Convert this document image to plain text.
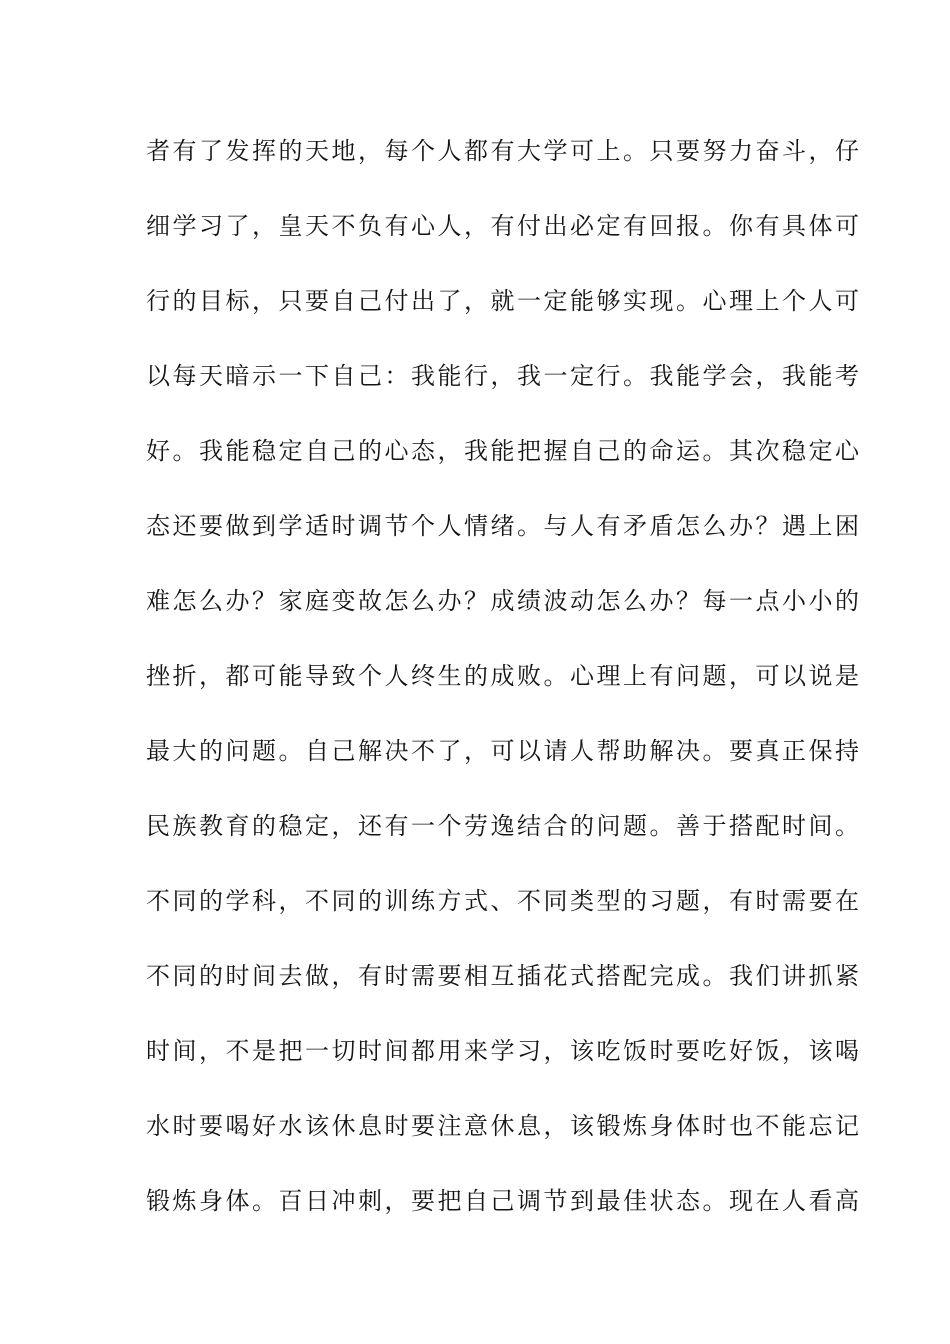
者有了发挥的天地，每个人都有大学可上。只要努力奋斗，仔
细学习了，皇天不负有心人，有付出必定有回报。你有具体可
行的目标，只要自己付出了，就一定能够实现。心理上个人可
以每天暗示一下自己：我能行，我一定行。我能学会，我能考
好。我能稳定自己的心态，我能把握自己的命运。其次稳定心
态还要做到学适时调节个人情绪。与人有矛盾怎么办？遇上困
难怎么办？家庭变故怎么办？成绩波动怎么办？每一点小小的
挫折，都可能导致个人终生的成败。心理上有问题，可以说是
最大的问题。自己解决不了，可以请人帮助解决。要真正保持
民族教育的稳定，还有一个劳逸结合的问题。善于搭配时间。
不同的学科，不同的训练方式、不同类型的习题，有时需要在
不同的时间去做，有时需要相互插花式搭配完成。我们讲抓紧
时间，不是把一切时间都用来学习，该吃饭时要吃好饭，该喝
水时要喝好水该休息时要注意休息，该锻炼身体时也不能忘记
锻炼身体。百日冲刺，要把自己调节到最佳状态。现在人看高
